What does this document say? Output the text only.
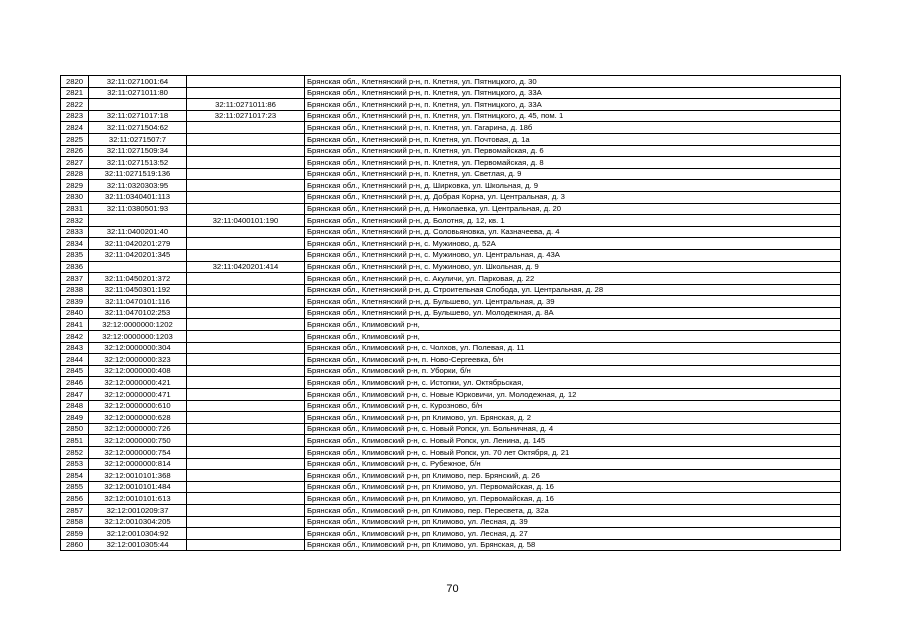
2820	32:11:0271001:64		Брянская обл., Клетнянский р-н, п. Клетня, ул. Пятницкого, д. 30
2821	32:11:0271011:80		Брянская обл., Клетнянский р-н, п. Клетня, ул. Пятницкого, д. 33А
2822		32:11:0271011:86	Брянская обл., Клетнянский р-н, п. Клетня, ул. Пятницкого, д. 33А
2823	32:11:0271017:18	32:11:0271017:23	Брянская обл., Клетнянский р-н, п. Клетня, ул. Пятницкого, д. 45, пом. 1
2824	32:11:0271504:62		Брянская обл., Клетнянский р-н, п. Клетня, ул. Гагарина, д. 18б
2825	32:11:0271507:7		Брянская обл., Клетнянский р-н, п. Клетня, ул. Почтовая, д. 1а
2826	32:11:0271509:34		Брянская обл., Клетнянский р-н, п. Клетня, ул. Первомайская, д. 6
2827	32:11:0271513:52		Брянская обл., Клетнянский р-н, п. Клетня, ул. Первомайская, д. 8
2828	32:11:0271519:136		Брянская обл., Клетнянский р-н, п. Клетня, ул. Светлая, д. 9
2829	32:11:0320303:95		Брянская обл., Клетнянский р-н, д. Ширковка, ул. Школьная, д. 9
2830	32:11:0340401:113		Брянская обл., Клетнянский р-н, д. Добрая Корна, ул. Центральная, д. 3
2831	32:11:0380501:93		Брянская обл., Клетнянский р-н, д. Николаевка, ул. Центральная, д. 20
2832		32:11:0400101:190	Брянская обл., Клетнянский р-н, д. Болотня, д. 12, кв. 1
2833	32:11:0400201:40		Брянская обл., Клетнянский р-н, д. Соловьяновка, ул. Казначеева, д. 4
2834	32:11:0420201:279		Брянская обл., Клетнянский р-н, с. Мужиново, д. 52А
2835	32:11:0420201:345		Брянская обл., Клетнянский р-н, с. Мужиново, ул. Центральная, д. 43А
2836		32:11:0420201:414	Брянская обл., Клетнянский р-н, с. Мужиново, ул. Школьная, д. 9
2837	32:11:0450201:372		Брянская обл., Клетнянский р-н, с. Акуличи, ул. Парковая, д. 22
2838	32:11:0450301:192		Брянская обл., Клетнянский р-н, д. Строительная Слобода, ул. Центральная, д. 28
2839	32:11:0470101:116		Брянская обл., Клетнянский р-н, д. Бульшево, ул. Центральная, д. 39
2840	32:11:0470102:253		Брянская обл., Клетнянский р-н, д. Бульшево, ул. Молодежная, д. 8А
2841	32:12:0000000:1202		Брянская обл., Климовский р-н,
2842	32:12:0000000:1203		Брянская обл., Климовский р-н,
2843	32:12:0000000:304		Брянская обл., Климовский р-н, с. Чолхов, ул. Полевая, д. 11
2844	32:12:0000000:323		Брянская обл., Климовский р-н, п. Ново-Сергеевка, б/н
2845	32:12:0000000:408		Брянская обл., Климовский р-н, п. Уборки, б/н
2846	32:12:0000000:421		Брянская обл., Климовский р-н, с. Истопки, ул. Октябрьская,
2847	32:12:0000000:471		Брянская обл., Климовский р-н, с. Новые Юрковичи, ул. Молодежная, д. 12
2848	32:12:0000000:610		Брянская обл., Климовский р-н, с. Курозново, б/н
2849	32:12:0000000:628		Брянская обл., Климовский р-н, рп Климово, ул. Брянская, д. 2
2850	32:12:0000000:726		Брянская обл., Климовский р-н, с. Новый Ропск, ул. Больничная, д. 4
2851	32:12:0000000:750		Брянская обл., Климовский р-н, с. Новый Ропск, ул. Ленина, д. 145
2852	32:12:0000000:754		Брянская обл., Климовский р-н, с. Новый Ропск, ул. 70 лет Октября, д. 21
2853	32:12:0000000:814		Брянская обл., Климовский р-н, с. Рубежное, б/н
2854	32:12:0010101:368		Брянская обл., Климовский р-н, рп Климово, пер. Брянский, д. 26
2855	32:12:0010101:484		Брянская обл., Климовский р-н, рп Климово, ул. Первомайская, д. 16
2856	32:12:0010101:613		Брянская обл., Климовский р-н, рп Климово, ул. Первомайская, д. 16
2857	32:12:0010209:37		Брянская обл., Климовский р-н, рп Климово, пер. Пересвета, д. 32а
2858	32:12:0010304:205		Брянская обл., Климовский р-н, рп Климово, ул. Лесная, д. 39
2859	32:12:0010304:92		Брянская обл., Климовский р-н, рп Климово, ул. Лесная, д. 27
2860	32:12:0010305:44		Брянская обл., Климовский р-н, рп Климово, ул. Брянская, д. 58
70
